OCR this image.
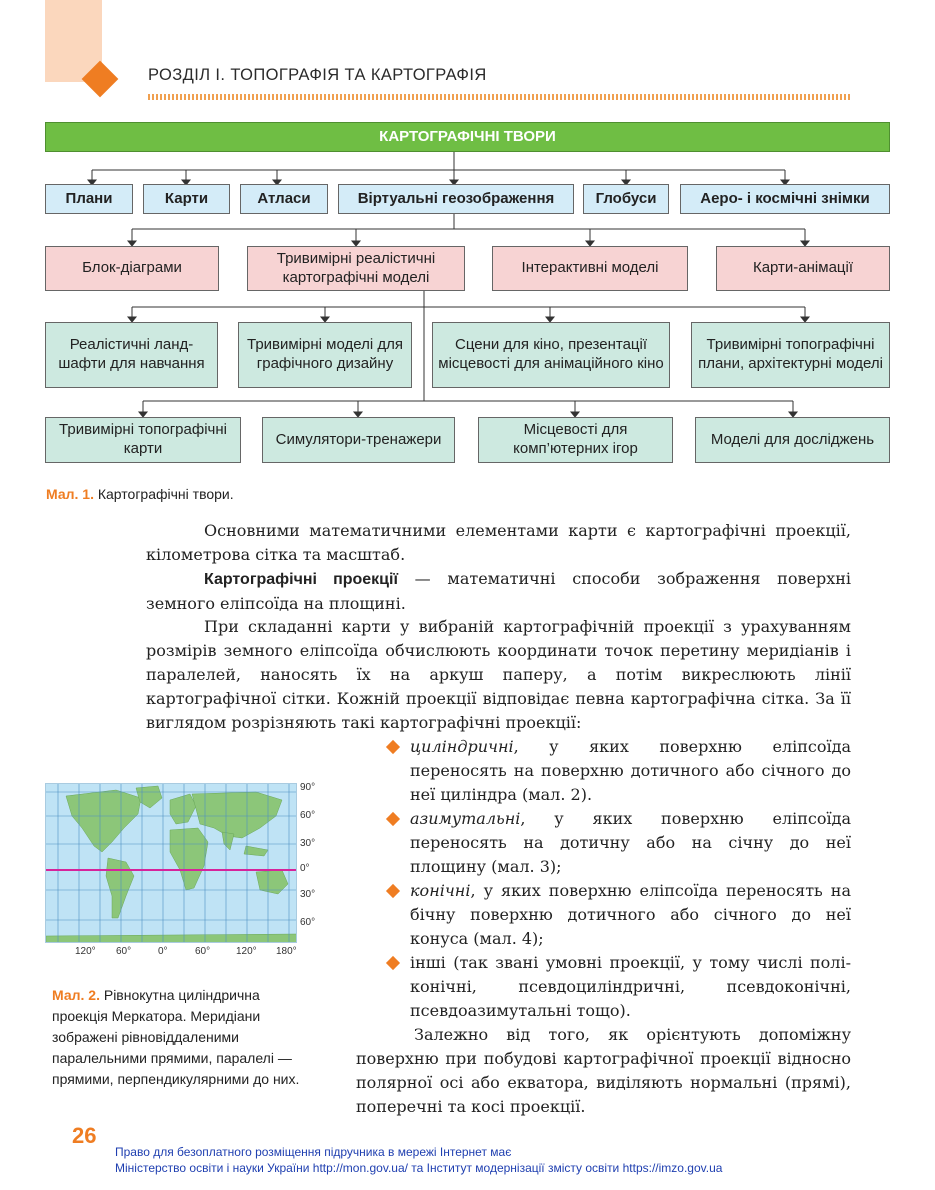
РОЗДІЛ І. ТОПОГРАФІЯ ТА КАРТОГРАФІЯ
КАРТОГРАФІЧНІ ТВОРИ
Плани	Карти	Атласи	Віртуальні геозображення	Глобуси	Аеро- і космічні знімки
Блок-діаграми
Тривимірні реалістичні картографічні моделі
Інтерактивні моделі	Карти-анімації
Реалістичні ланд-шафти для навчання
Тривимірні моделі для графічного дизайну
Сцени для кіно, презентації місцевості для анімаційного кіно
Тривимірні топографічні плани, архітектурні моделі
Тривимірні топографічні карти
Симулятори-тренажери
Місцевості для комп’ютерних ігор
Моделі для досліджень
Мал. 1. Картографічні твори.

Основними математичними елементами карти є картографічні проекції, кілометрова сітка та масштаб.

Картографічні проекції — математичні способи зображення поверхні земного еліпсоїда на площині.

При складанні карти у вибраній картографічній проекції з урахуванням розмірів земного еліпсоїда обчислюють координати точок перетину меридіанів і паралелей, наносять їх на аркуш паперу, а потім викреслюють лінії картографічної сітки. Кожній проекції відповідає певна картографічна сітка. За її виглядом розрізняють такі картографічні проекції:

циліндричні, у яких поверхню еліпсоїда переносять на поверхню дотичного або січного до неї циліндра (мал. 2).
азимутальні, у яких поверхню еліпсоїда переносять на дотичну або на січну до неї площину (мал. 3);
конічні, у яких поверхню еліпсоїда переносять на бічну поверхню дотичного або січного до неї конуса (мал. 4);
інші (так звані умовні проекції, у тому числі поліконічні, псевдоциліндричні, псевдоконічні, псевдоазимутальні тощо).

Залежно від того, як орієнтують допоміжну поверхню при побудові картографічної проекції відносно полярної осі або екватора, виділяють нормальні (прямі), поперечні та косі проекції.

90°
60°
30°
0°
30°
60°
120° 60°	0°	60°	120° 180°
Мал. 2. Рівнокутна циліндрична проекція Меркатора. Меридіани зображені рівновіддаленими паралельними прямими, паралелі — прямими, перпендикулярними до них.
26
Право для безоплатного розміщення підручника в мережі Інтернет має
Міністерство освіти і науки України http://mon.gov.ua/ та Інститут модернізації змісту освіти https://imzo.gov.ua
